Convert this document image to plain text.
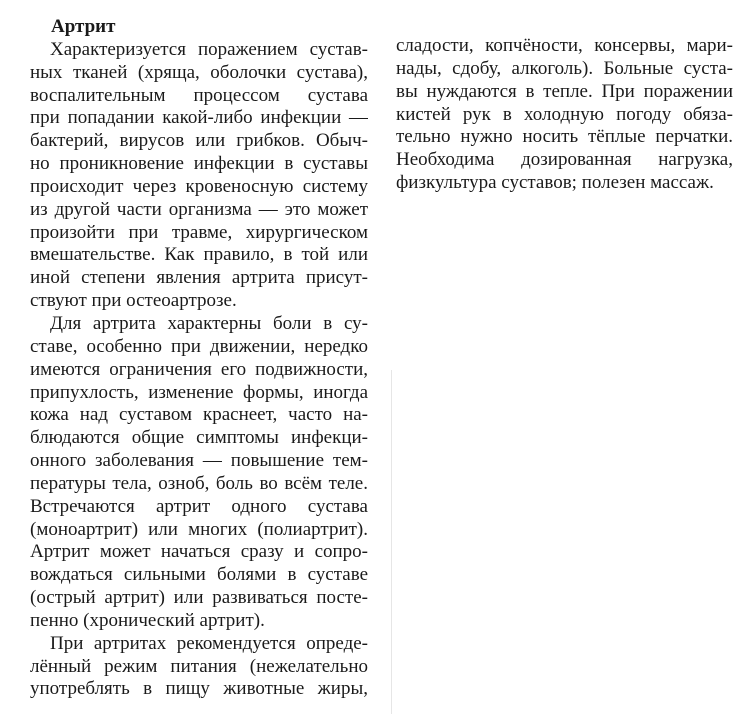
Артрит
Характеризуется поражением сустав-
ных тканей (хряща, оболочки сустава),
воспалительным процессом сустава
при попадании какой-либо инфекции —
бактерий, вирусов или грибков. Обыч-
но проникновение инфекции в суставы
происходит через кровеносную систему
из другой части организма — это может
произойти при травме, хирургическом
вмешательстве. Как правило, в той или
иной степени явления артрита присут-
ствуют при остеоартрозе.
Для артрита характерны боли в су-
ставе, особенно при движении, нередко
имеются ограничения его подвижности,
припухлость, изменение формы, иногда
кожа над суставом краснеет, часто на-
блюдаются общие симптомы инфекци-
онного заболевания — повышение тем-
пературы тела, озноб, боль во всём теле.
Встречаются артрит одного сустава
(моноартрит) или многих (полиартрит).
Артрит может начаться сразу и сопро-
вождаться сильными болями в суставе
(острый артрит) или развиваться посте-
пенно (хронический артрит).
При артритах рекомендуется опреде-
лённый режим питания (нежелательно
употреблять в пищу животные жиры,
сладости, копчёности, консервы, мари-
нады, сдобу, алкоголь). Больные суста-
вы нуждаются в тепле. При поражении
кистей рук в холодную погоду обяза-
тельно нужно носить тёплые перчатки.
Необходима дозированная нагрузка,
физкультура суставов; полезен массаж.
